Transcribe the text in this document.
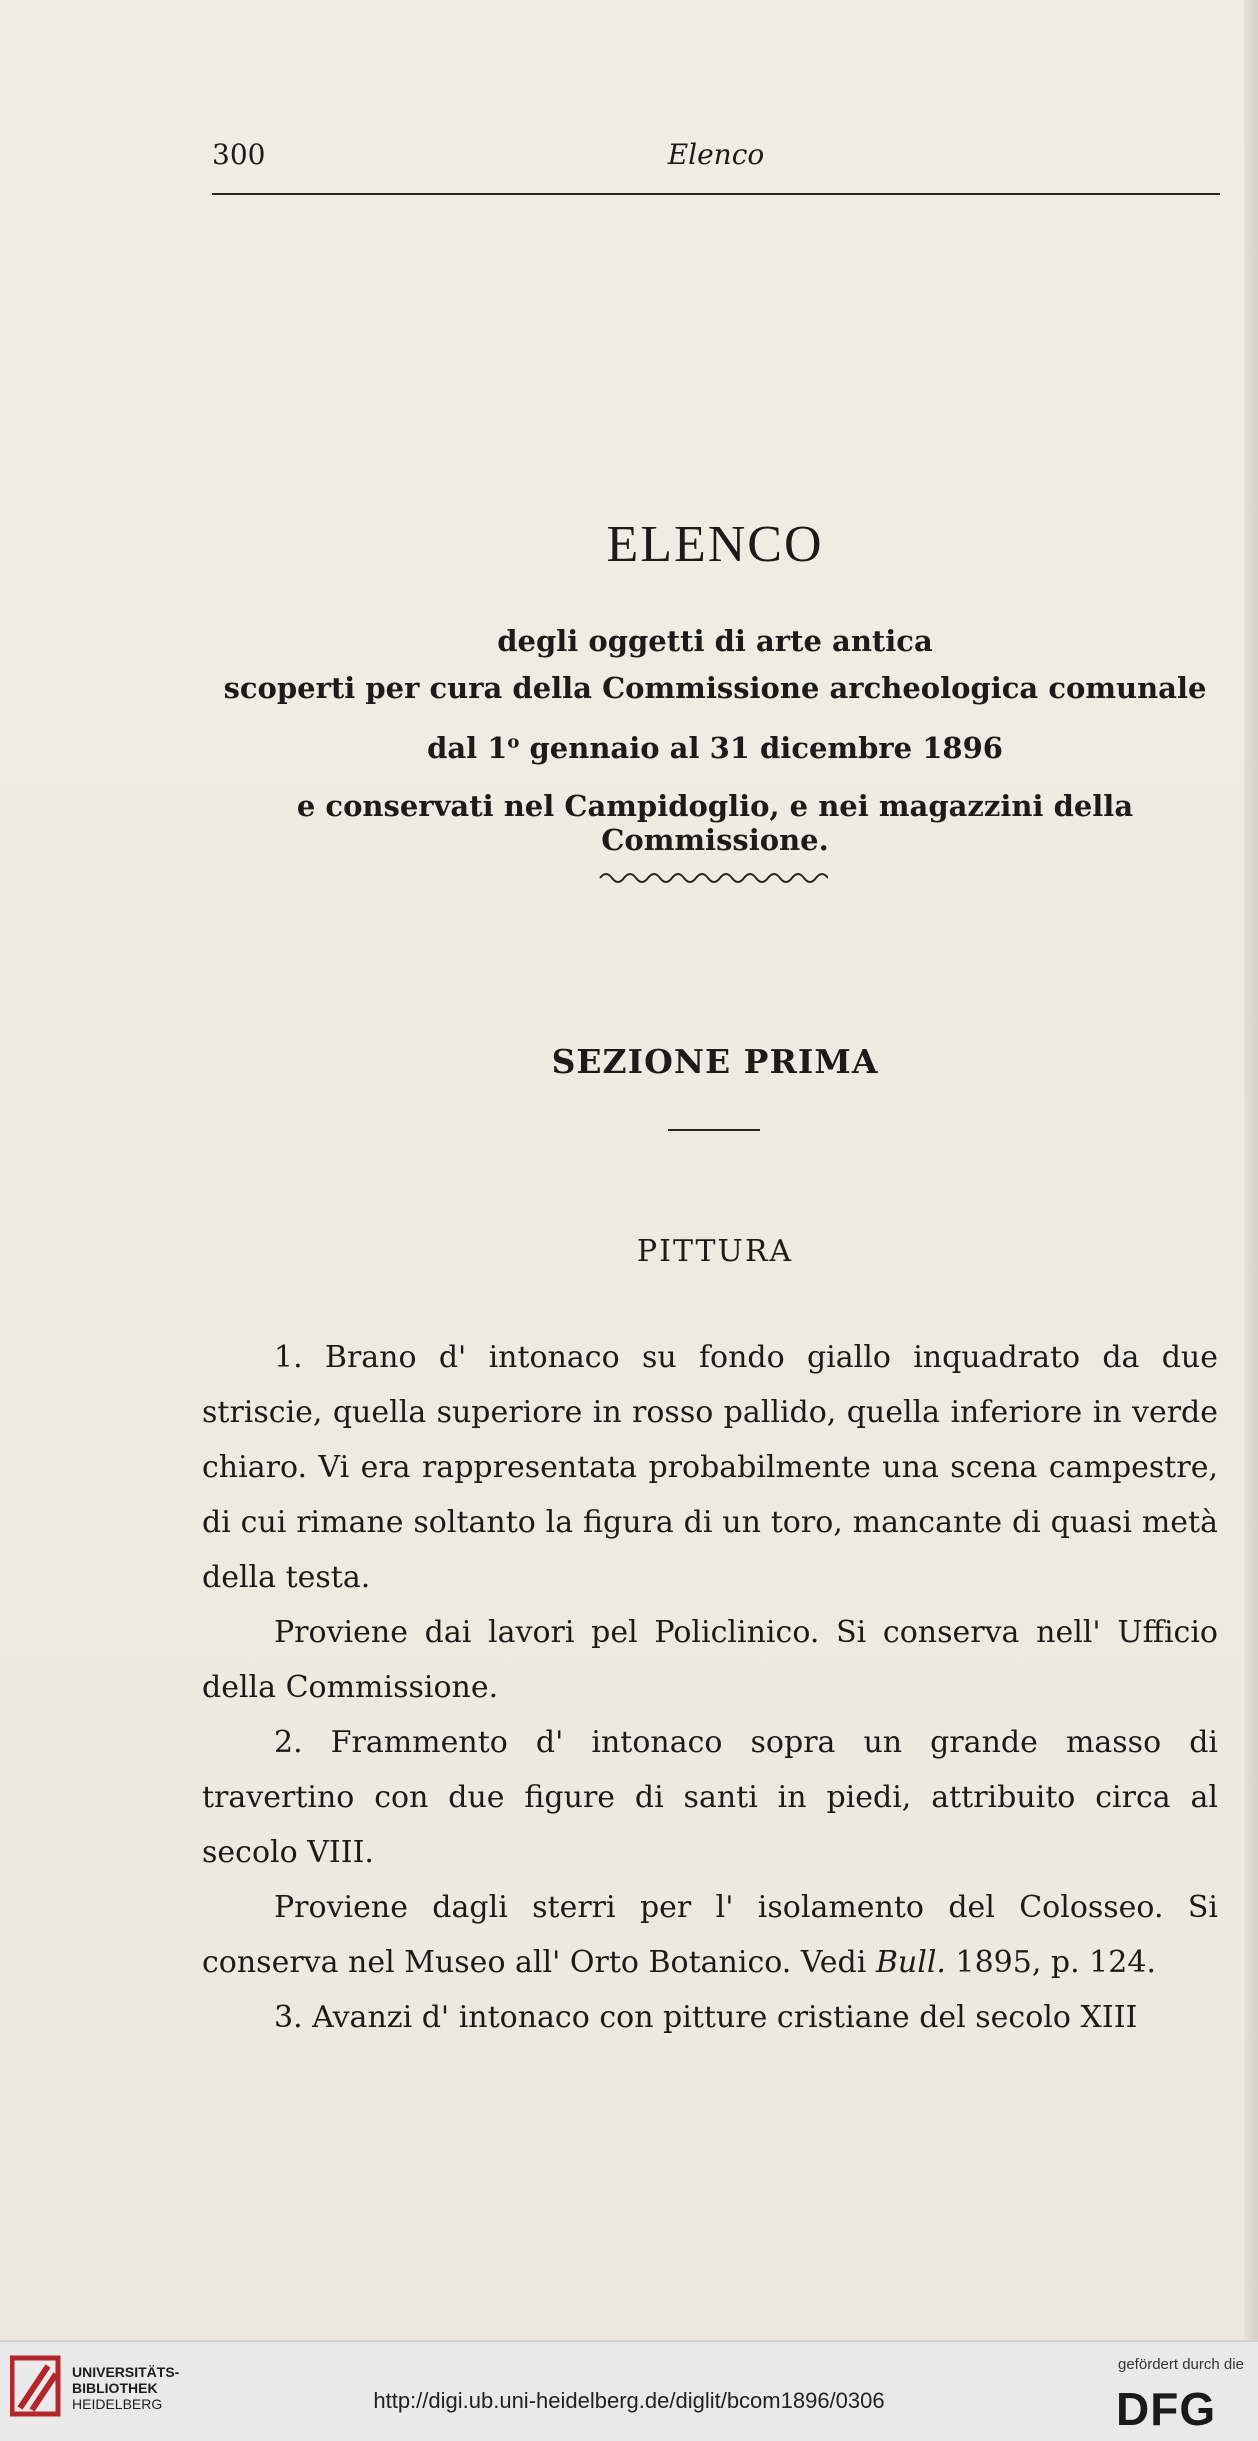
300	Elenco
ELENCO
degli oggetti di arte antica
scoperti per cura della Commissione archeologica comunale
dal 1$^o$ gennaio al 31 dicembre 1896
e conservati nel Campidoglio, e nei magazzini della Commissione.
SEZIONE PRIMA
PITTURA

1. Brano d' intonaco su fondo giallo inquadrato da due striscie, quella superiore in rosso pallido, quella inferiore in verde chiaro. Vi era rappresentata probabilmente una scena campestre, di cui rimane soltanto la figura di un toro, mancante di quasi metà della testa.

Proviene dai lavori pel Policlinico. Si conserva nell' Ufficio della Commissione.

2. Frammento d' intonaco sopra un grande masso di travertino con due figure di santi in piedi, attribuito circa al secolo VIII.

Proviene dagli sterri per l' isolamento del Colosseo. Si conserva nel Museo all' Orto Botanico. Vedi Bull. 1895, p. 124.

3. Avanzi d' intonaco con pitture cristiane del secolo XIII

UNIVERSITÄTS-
BIBLIOTHEK
HEIDELBERG	http://digi.ub.uni-heidelberg.de/diglit/bcom1896/0306
gefördert durch die
DFG
